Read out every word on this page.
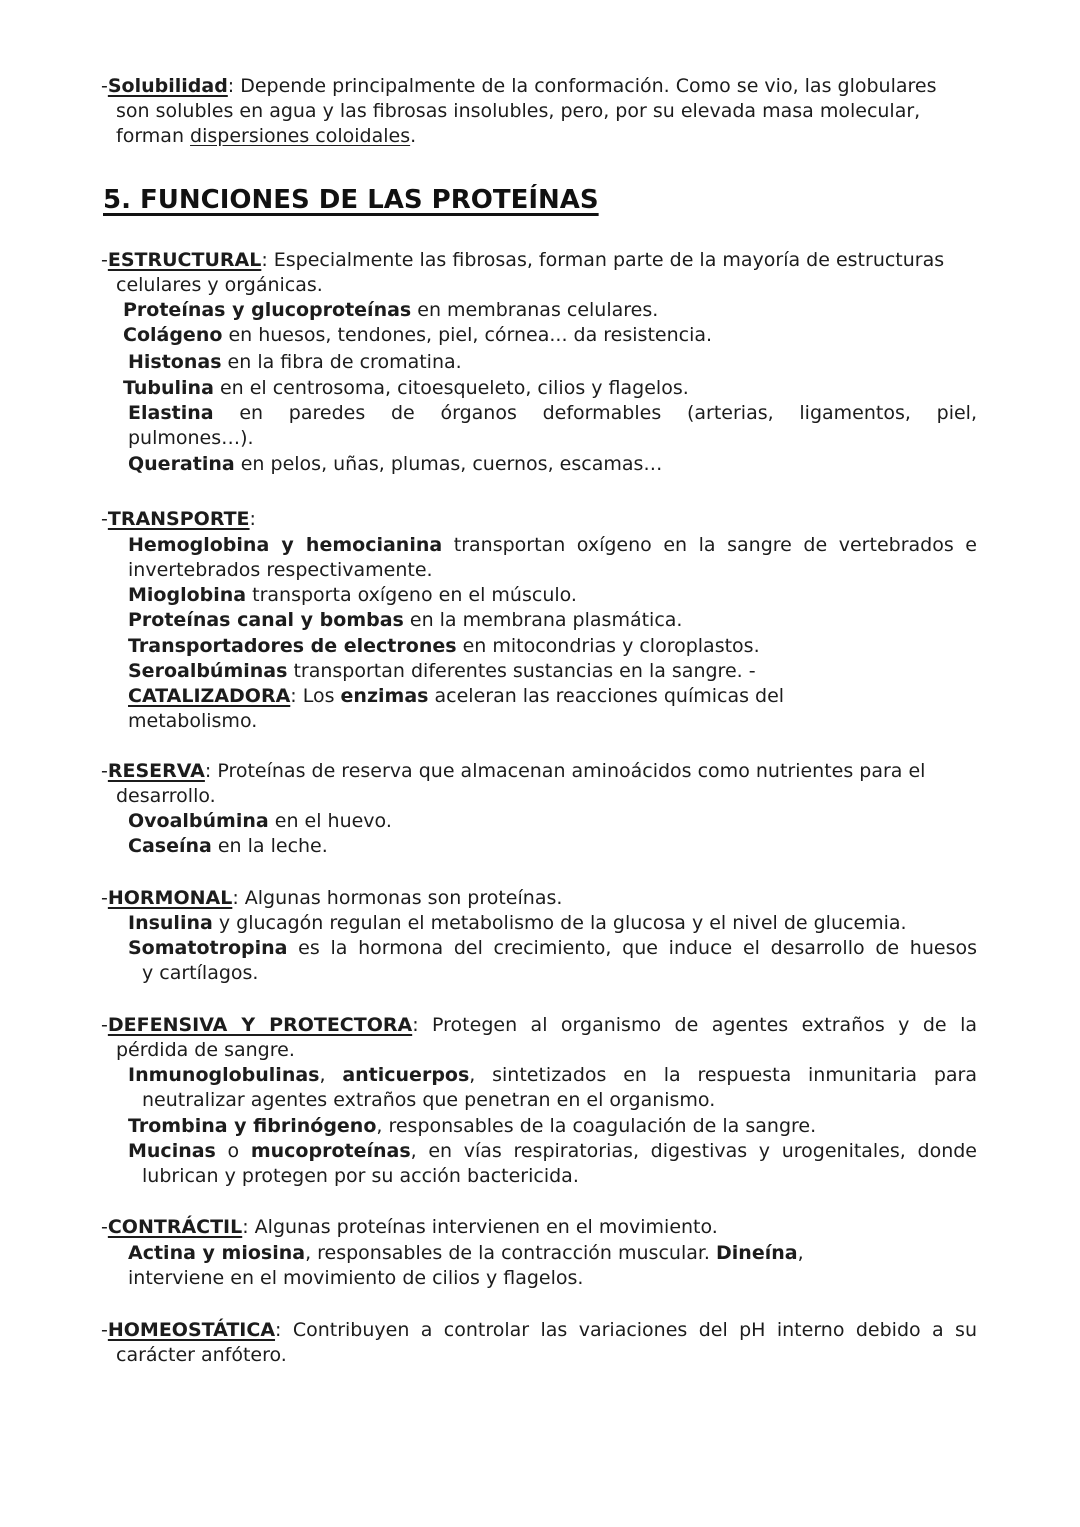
-Solubilidad: Depende principalmente de la conformación. Como se vio, las globulares
son solubles en agua y las fibrosas insolubles, pero, por su elevada masa molecular,
forman dispersiones coloidales.
5. FUNCIONES DE LAS PROTEÍNAS
-ESTRUCTURAL: Especialmente las fibrosas, forman parte de la mayoría de estructuras
celulares y orgánicas.
Proteínas y glucoproteínas en membranas celulares.
Colágeno en huesos, tendones, piel, córnea... da resistencia.
Histonas en la fibra de cromatina.
Tubulina en el centrosoma, citoesqueleto, cilios y flagelos.
Elastina en paredes de órganos deformables (arterias, ligamentos, piel,
pulmones…).
Queratina en pelos, uñas, plumas, cuernos, escamas…
-TRANSPORTE:
Hemoglobina y hemocianina transportan oxígeno en la sangre de vertebrados e
invertebrados respectivamente.
Mioglobina transporta oxígeno en el músculo.
Proteínas canal y bombas en la membrana plasmática.
Transportadores de electrones en mitocondrias y cloroplastos.
Seroalbúminas transportan diferentes sustancias en la sangre. -
CATALIZADORA: Los enzimas aceleran las reacciones químicas del
metabolismo.
-RESERVA: Proteínas de reserva que almacenan aminoácidos como nutrientes para el
desarrollo.
Ovoalbúmina en el huevo.
Caseína en la leche.
-HORMONAL: Algunas hormonas son proteínas.
Insulina y glucagón regulan el metabolismo de la glucosa y el nivel de glucemia.
Somatotropina es la hormona del crecimiento, que induce el desarrollo de huesos
y cartílagos.
-DEFENSIVA Y PROTECTORA: Protegen al organismo de agentes extraños y de la
pérdida de sangre.
Inmunoglobulinas, anticuerpos, sintetizados en la respuesta inmunitaria para
neutralizar agentes extraños que penetran en el organismo.
Trombina y fibrinógeno, responsables de la coagulación de la sangre.
Mucinas o mucoproteínas, en vías respiratorias, digestivas y urogenitales, donde
lubrican y protegen por su acción bactericida.
-CONTRÁCTIL: Algunas proteínas intervienen en el movimiento.
Actina y miosina, responsables de la contracción muscular. Dineína,
interviene en el movimiento de cilios y flagelos.
-HOMEOSTÁTICA: Contribuyen a controlar las variaciones del pH interno debido a su
carácter anfótero.
